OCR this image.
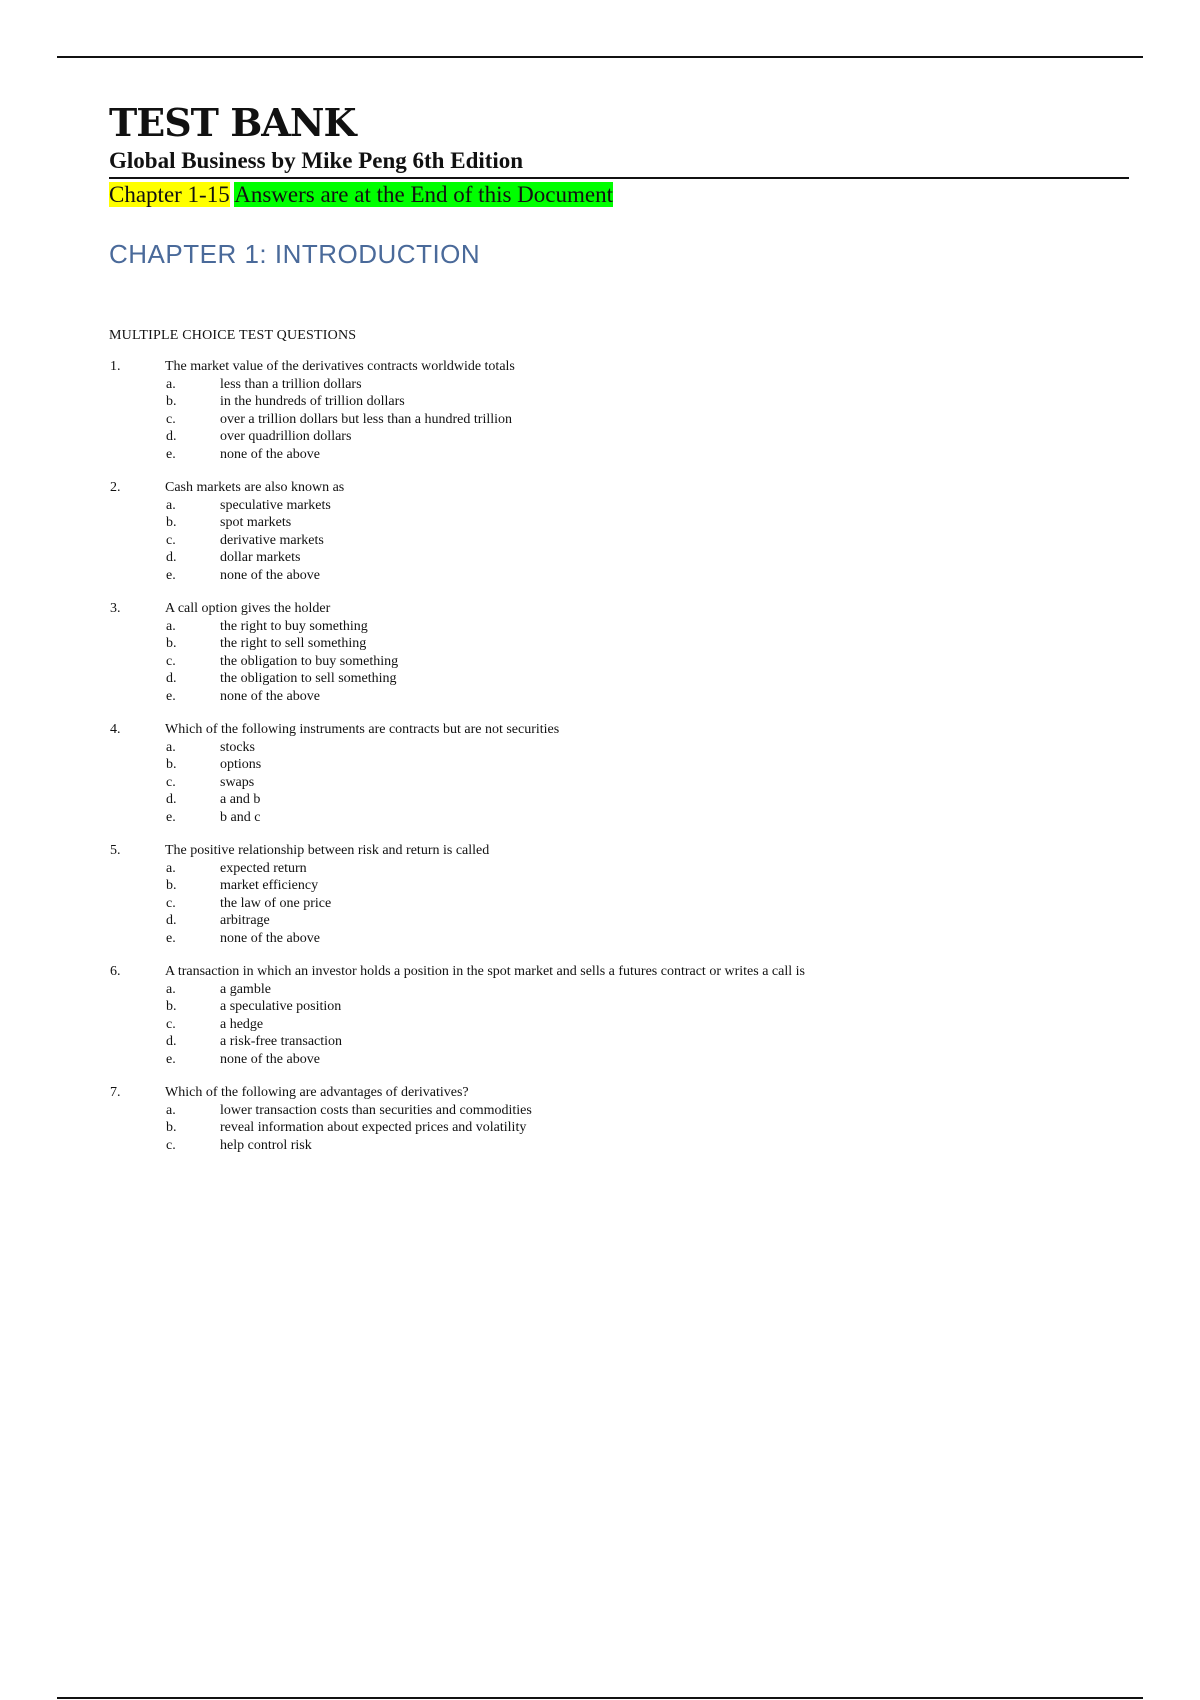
TEST BANK
Global Business by Mike Peng 6th Edition
Chapter 1-15 Answers are at the End of this Document
CHAPTER 1: INTRODUCTION
MULTIPLE CHOICE TEST QUESTIONS
1.	The market value of the derivatives contracts worldwide totals
a.	less than a trillion dollars
b.	in the hundreds of trillion dollars
c.	over a trillion dollars but less than a hundred trillion
d.	over quadrillion dollars
e.	none of the above
2.	Cash markets are also known as
a.	speculative markets
b.	spot markets
c.	derivative markets
d.	dollar markets
e.	none of the above
3.	A call option gives the holder
a.	the right to buy something
b.	the right to sell something
c.	the obligation to buy something
d.	the obligation to sell something
e.	none of the above
4.	Which of the following instruments are contracts but are not securities
a.	stocks
b.	options
c.	swaps
d.	a and b
e.	b and c
5.	The positive relationship between risk and return is called
a.	expected return
b.	market efficiency
c.	the law of one price
d.	arbitrage
e.	none of the above
6.	A transaction in which an investor holds a position in the spot market and sells a futures contract or writes a call is
a.	a gamble
b.	a speculative position
c.	a hedge
d.	a risk-free transaction
e.	none of the above
7.	Which of the following are advantages of derivatives?
a.	lower transaction costs than securities and commodities
b.	reveal information about expected prices and volatility
c.	help control risk
